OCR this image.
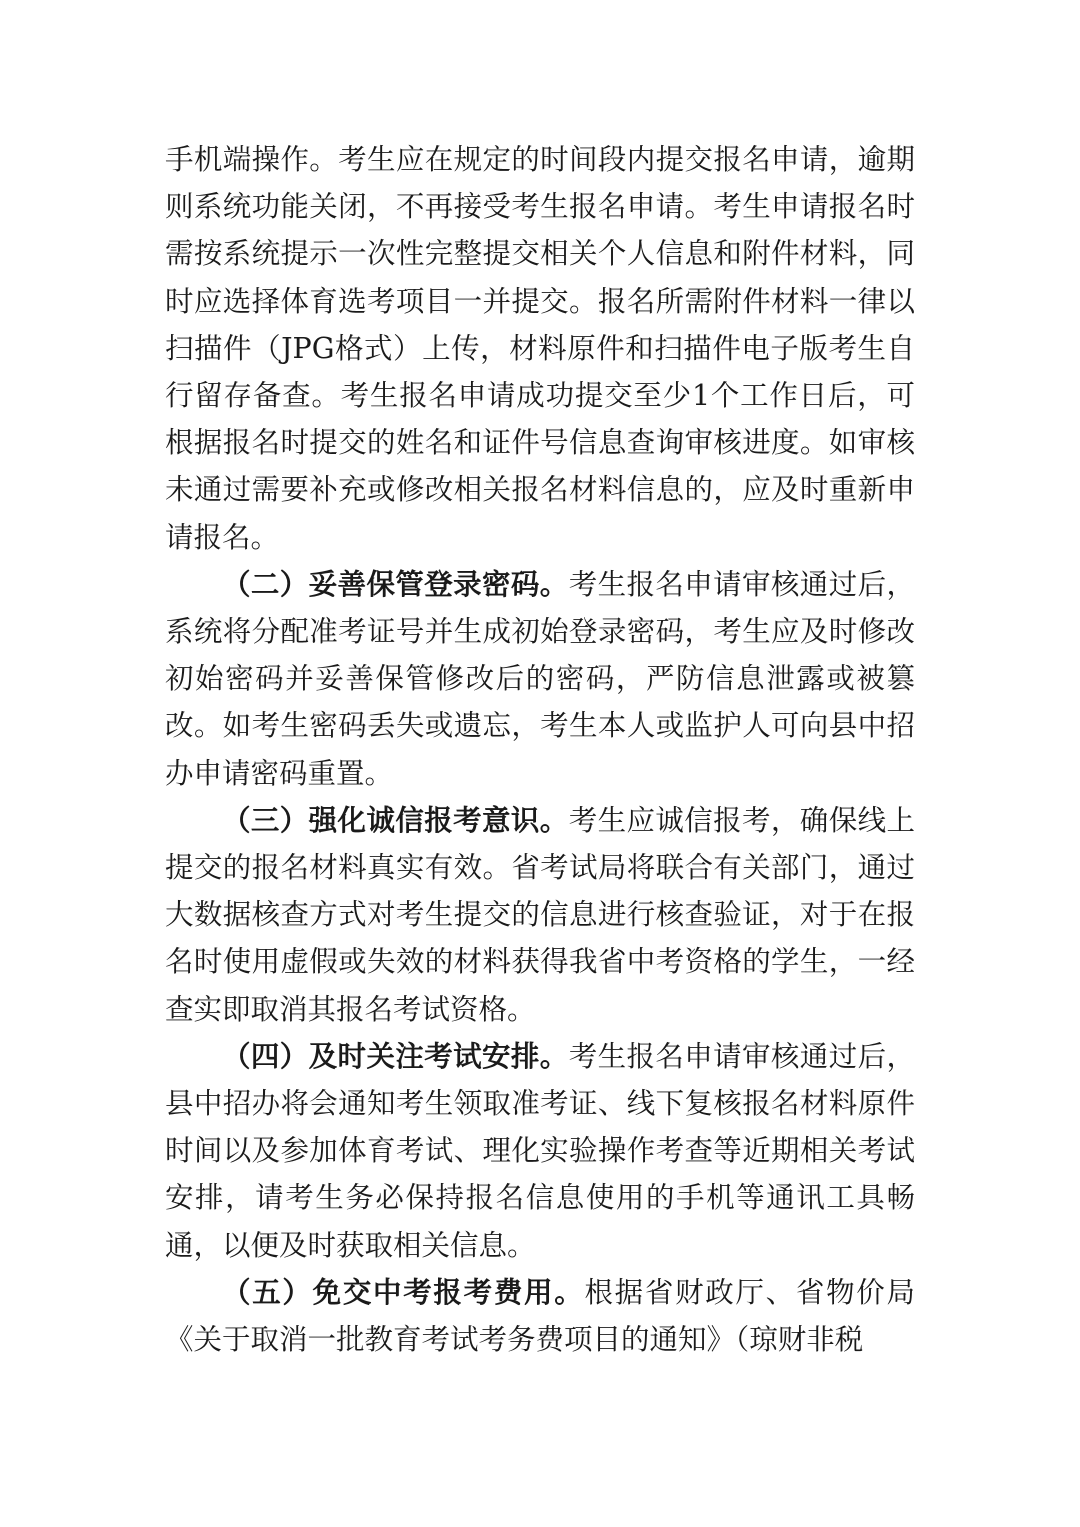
手机端操作。考生应在规定的时间段内提交报名申请，逾期则系统功能关闭，不再接受考生报名申请。考生申请报名时需按系统提示一次性完整提交相关个人信息和附件材料，同时应选择体育选考项目一并提交。报名所需附件材料一律以扫描件（JPG格式）上传，材料原件和扫描件电子版考生自行留存备查。考生报名申请成功提交至少1个工作日后，可根据报名时提交的姓名和证件号信息查询审核进度。如审核未通过需要补充或修改相关报名材料信息的，应及时重新申请报名。

（二）妥善保管登录密码。考生报名申请审核通过后，系统将分配准考证号并生成初始登录密码，考生应及时修改初始密码并妥善保管修改后的密码，严防信息泄露或被篡改。如考生密码丢失或遗忘，考生本人或监护人可向县中招办申请密码重置。

（三）强化诚信报考意识。考生应诚信报考，确保线上提交的报名材料真实有效。省考试局将联合有关部门，通过大数据核查方式对考生提交的信息进行核查验证，对于在报名时使用虚假或失效的材料获得我省中考资格的学生，一经查实即取消其报名考试资格。

（四）及时关注考试安排。考生报名申请审核通过后，县中招办将会通知考生领取准考证、线下复核报名材料原件时间以及参加体育考试、理化实验操作考查等近期相关考试安排，请考生务必保持报名信息使用的手机等通讯工具畅通，以便及时获取相关信息。

（五）免交中考报考费用。根据省财政厅、省物价局《关于取消一批教育考试考务费项目的通知》（琼财非税
